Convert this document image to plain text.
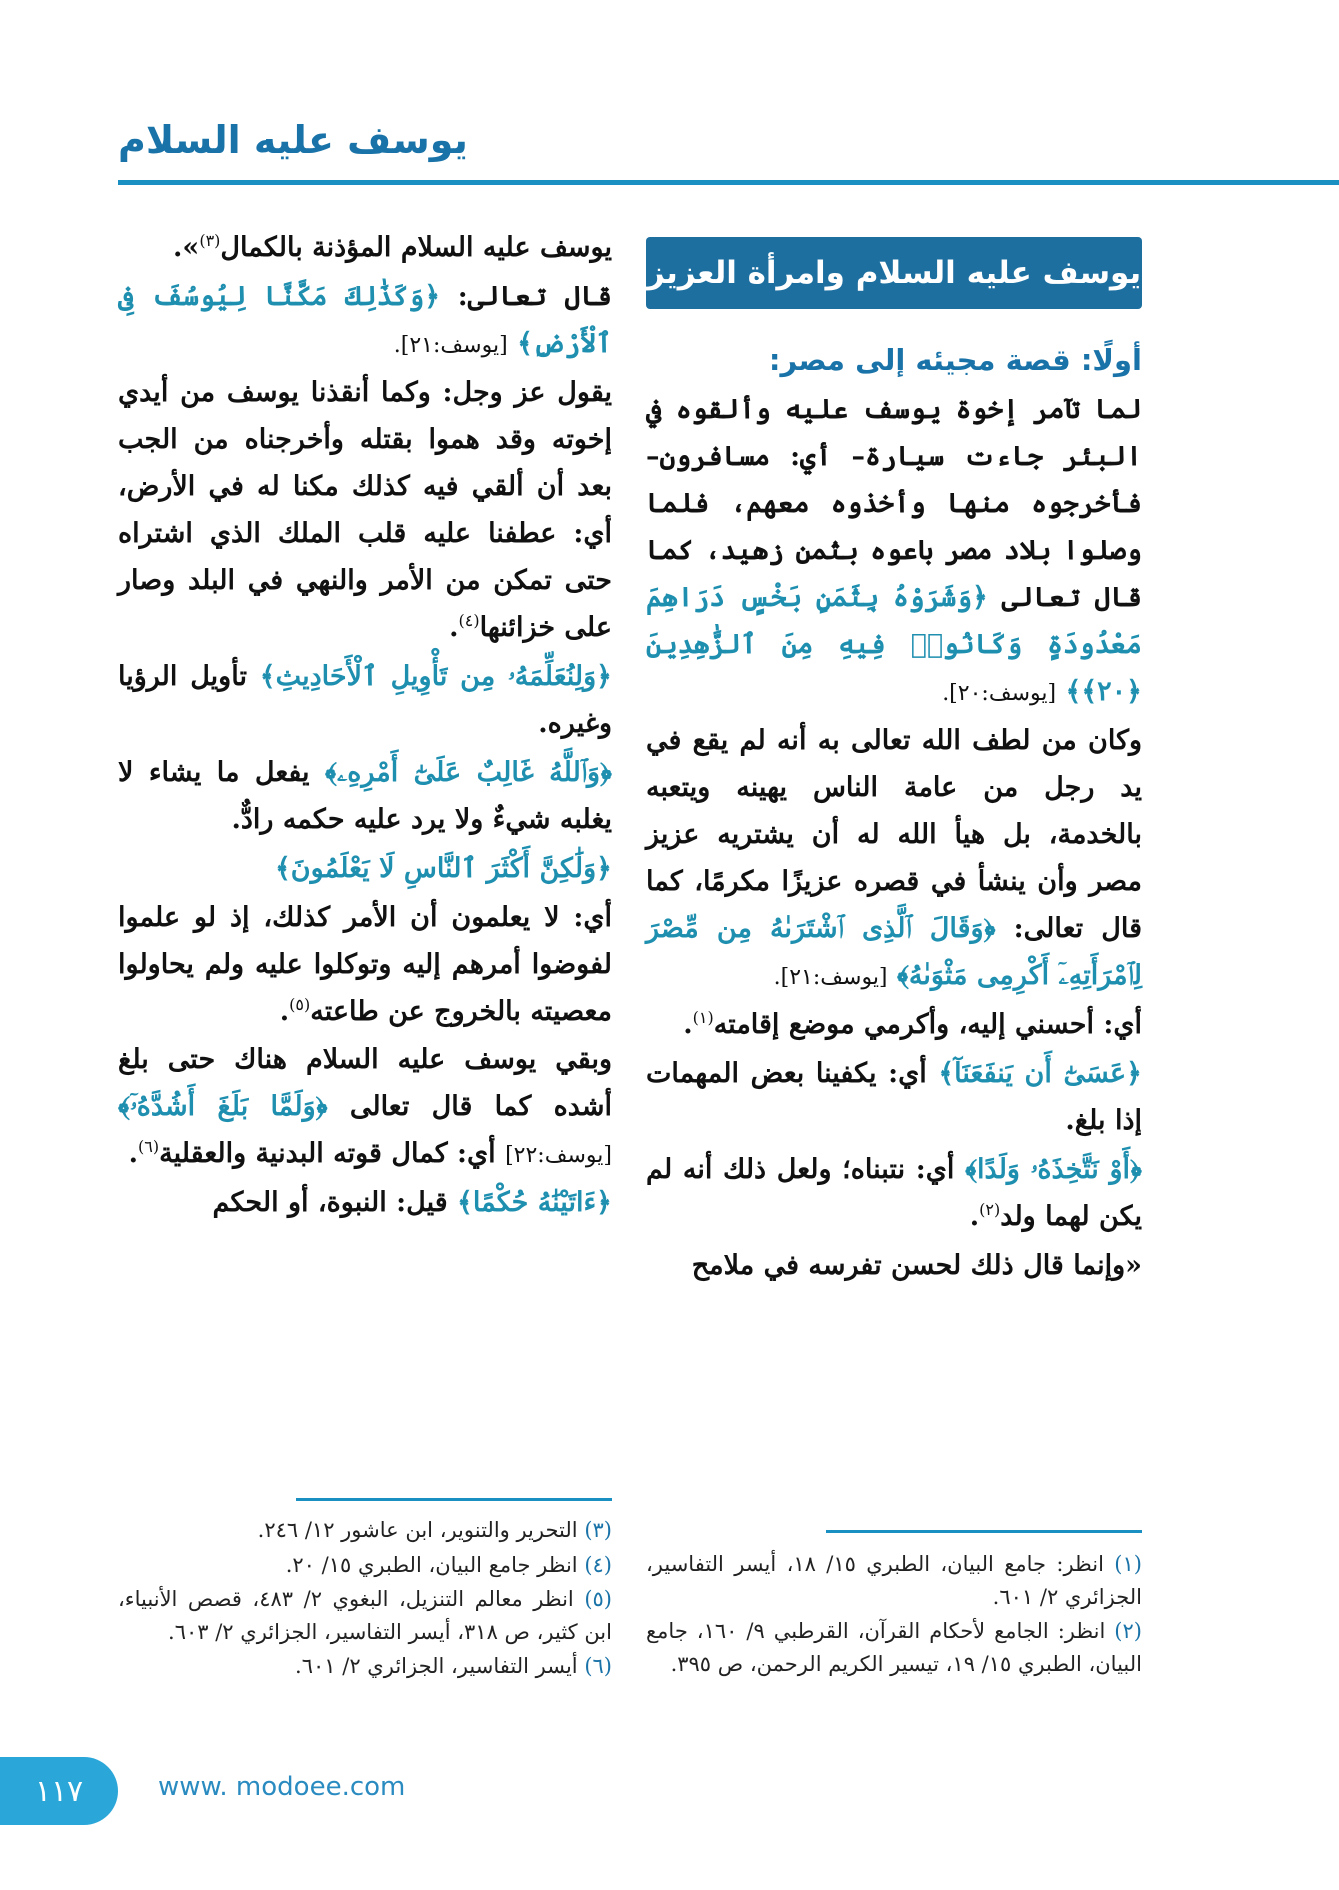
يوسف عليه السلام
يوسف عليه السلام وامرأة العزيز

أولًا: قصة مجيئه إلى مصر:

لما تآمر إخوة يوسف عليه وألقوه في البئر جاءت سيارة– أي: مسافرون– فأخرجوه منها وأخذوه معهم، فلما وصلوا بلاد مصر باعوه بثمن زهيد، كما قال تعالى ﴿وَشَرَوْهُ بِثَمَنٍ بَخْسٍ دَرَاهِمَ مَعْدُودَةٍ وَكَانُوا۟ فِيهِ مِنَ ٱلزَّٰهِدِينَ ﴿٢٠﴾﴾ [يوسف:٢٠].

وكان من لطف الله تعالى به أنه لم يقع في يد رجل من عامة الناس يهينه ويتعبه بالخدمة، بل هيأ الله له أن يشتريه عزيز مصر وأن ينشأ في قصره عزيزًا مكرمًا، كما قال تعالى: ﴿وَقَالَ ٱلَّذِى ٱشْتَرَىٰهُ مِن مِّصْرَ لِٱمْرَأَتِهِۦٓ أَكْرِمِى مَثْوَىٰهُ﴾ [يوسف:٢١].

أي: أحسني إليه، وأكرمي موضع إقامته$^{(١)}$.

﴿عَسَىٰٓ أَن يَنفَعَنَآ﴾ أي: يكفينا بعض المهمات إذا بلغ.

﴿أَوْ نَتَّخِذَهُۥ وَلَدًا﴾ أي: نتبناه؛ ولعل ذلك أنه لم يكن لهما ولد$^{(٢)}$.

«وإنما قال ذلك لحسن تفرسه في ملامح

يوسف عليه السلام المؤذنة بالكمال$^{(٣)}$».

قال تعالى: ﴿وَكَذَٰلِكَ مَكَّنَّا لِيُوسُفَ فِى ٱلْأَرْضِ﴾ [يوسف:٢١].

يقول عز وجل: وكما أنقذنا يوسف من أيدي إخوته وقد هموا بقتله وأخرجناه من الجب بعد أن ألقي فيه كذلك مكنا له في الأرض، أي: عطفنا عليه قلب الملك الذي اشتراه حتى تمكن من الأمر والنهي في البلد وصار على خزائنها$^{(٤)}$.

﴿وَلِنُعَلِّمَهُۥ مِن تَأْوِيلِ ٱلْأَحَادِيثِ﴾ تأويل الرؤيا وغيره.

﴿وَٱللَّهُ غَالِبٌ عَلَىٰٓ أَمْرِهِۦ﴾ يفعل ما يشاء لا يغلبه شيءٌ ولا يرد عليه حكمه رادٌّ.

﴿وَلَٰكِنَّ أَكْثَرَ ٱلنَّاسِ لَا يَعْلَمُونَ﴾

أي: لا يعلمون أن الأمر كذلك، إذ لو علموا لفوضوا أمرهم إليه وتوكلوا عليه ولم يحاولوا معصيته بالخروج عن طاعته$^{(٥)}$.

وبقي يوسف عليه السلام هناك حتى بلغ أشده كما قال تعالى ﴿وَلَمَّا بَلَغَ أَشُدَّهُۥٓ﴾ [يوسف:٢٢] أي: كمال قوته البدنية والعقلية$^{(٦)}$.

﴿ءَاتَيْنَٰهُ حُكْمًا﴾ قيل: النبوة، أو الحكم

(١) انظر: جامع البيان، الطبري ١٥/ ١٨، أيسر التفاسير، الجزائري ٢/ ٦٠١.

(٢) انظر: الجامع لأحكام القرآن، القرطبي ٩/ ١٦٠، جامع البيان، الطبري ١٥/ ١٩، تيسير الكريم الرحمن، ص ٣٩٥.

(٣) التحرير والتنوير، ابن عاشور ١٢/ ٢٤٦.

(٤) انظر جامع البيان، الطبري ١٥/ ٢٠.

(٥) انظر معالم التنزيل، البغوي ٢/ ٤٨٣، قصص الأنبياء، ابن كثير، ص ٣١٨، أيسر التفاسير، الجزائري ٢/ ٦٠٣.

(٦) أيسر التفاسير، الجزائري ٢/ ٦٠١.

١١٧	www. modoee.com
